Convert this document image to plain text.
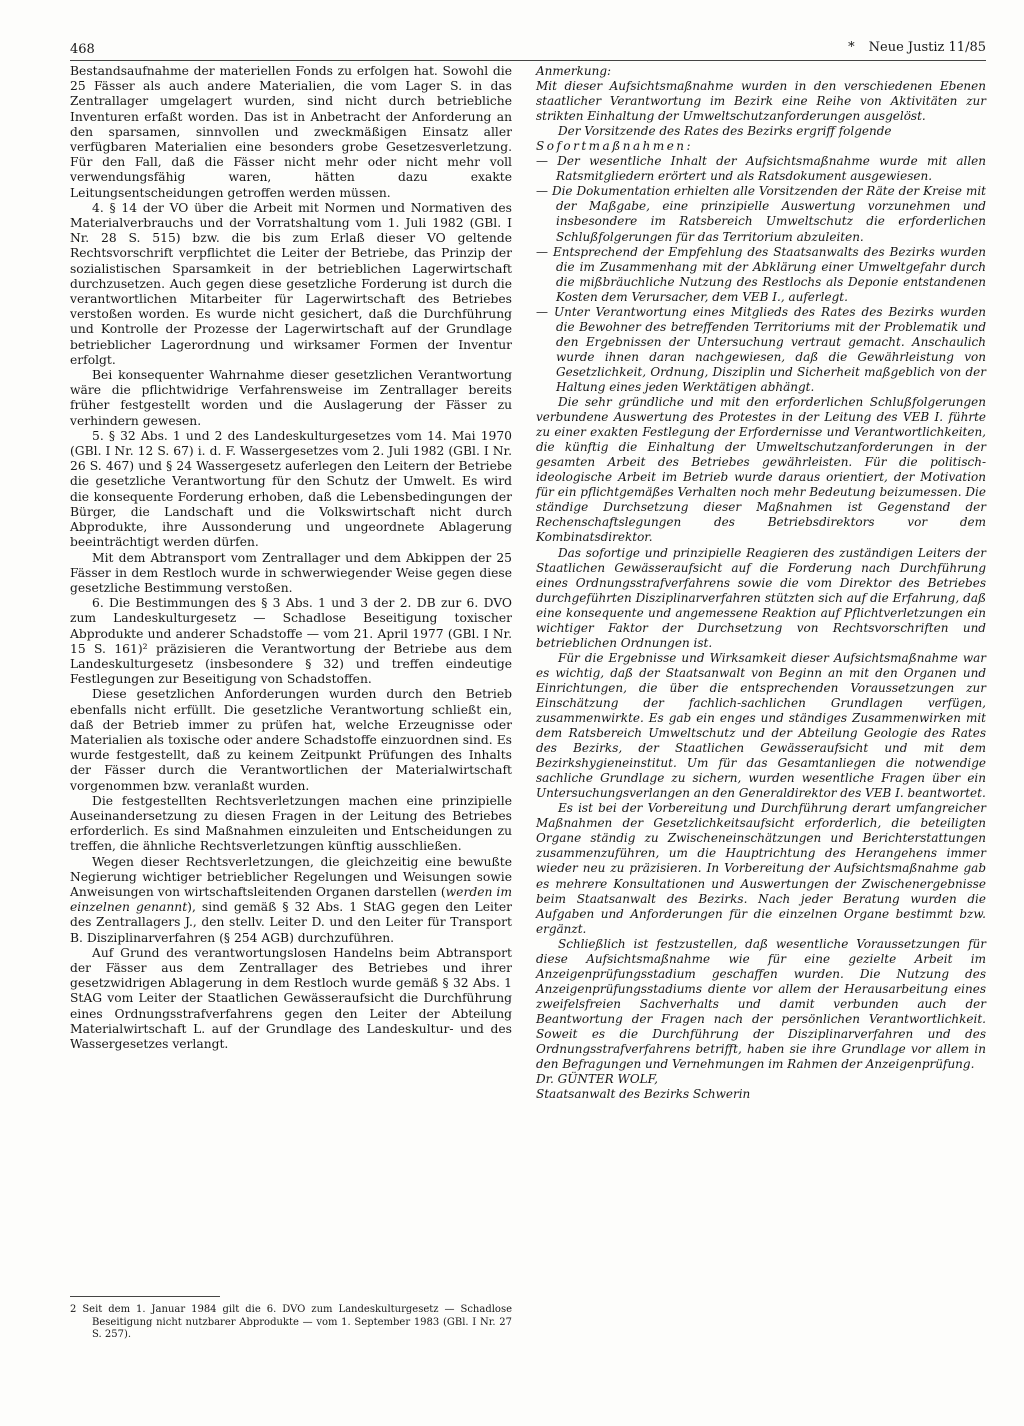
468	* Neue Justiz 11/85

Bestandsaufnahme der materiellen Fonds zu erfolgen hat. Sowohl die 25 Fässer als auch andere Materialien, die vom Lager S. in das Zentrallager umgelagert wurden, sind nicht durch betriebliche Inventuren erfaßt worden. Das ist in Anbetracht der Anforderung an den sparsamen, sinnvollen und zweckmäßigen Einsatz aller verfügbaren Materialien eine besonders grobe Gesetzesverletzung. Für den Fall, daß die Fässer nicht mehr oder nicht mehr voll verwendungsfähig waren, hätten dazu exakte Leitungsentscheidungen getroffen werden müssen.

4. § 14 der VO über die Arbeit mit Normen und Normativen des Materialverbrauchs und der Vorratshaltung vom 1. Juli 1982 (GBl. I Nr. 28 S. 515) bzw. die bis zum Erlaß dieser VO geltende Rechtsvorschrift verpflichtet die Leiter der Betriebe, das Prinzip der sozialistischen Sparsamkeit in der betrieblichen Lagerwirtschaft durchzusetzen. Auch gegen diese gesetzliche Forderung ist durch die verantwortlichen Mitarbeiter für Lagerwirtschaft des Betriebes verstoßen worden. Es wurde nicht gesichert, daß die Durchführung und Kontrolle der Prozesse der Lagerwirtschaft auf der Grundlage betrieblicher Lagerordnung und wirksamer Formen der Inventur erfolgt.

Bei konsequenter Wahrnahme dieser gesetzlichen Verantwortung wäre die pflichtwidrige Verfahrensweise im Zentrallager bereits früher festgestellt worden und die Auslagerung der Fässer zu verhindern gewesen.

5. § 32 Abs. 1 und 2 des Landeskulturgesetzes vom 14. Mai 1970 (GBl. I Nr. 12 S. 67) i. d. F. Wassergesetzes vom 2. Juli 1982 (GBl. I Nr. 26 S. 467) und § 24 Wassergesetz auferlegen den Leitern der Betriebe die gesetzliche Verantwortung für den Schutz der Umwelt. Es wird die konsequente Forderung erhoben, daß die Lebensbedingungen der Bürger, die Landschaft und die Volkswirtschaft nicht durch Abprodukte, ihre Aussonderung und ungeordnete Ablagerung beeinträchtigt werden dürfen.

Mit dem Abtransport vom Zentrallager und dem Abkippen der 25 Fässer in dem Restloch wurde in schwerwiegender Weise gegen diese gesetzliche Bestimmung verstoßen.

6. Die Bestimmungen des § 3 Abs. 1 und 3 der 2. DB zur 6. DVO zum Landeskulturgesetz — Schadlose Beseitigung toxischer Abprodukte und anderer Schadstoffe — vom 21. April 1977 (GBl. I Nr. 15 S. 161)² präzisieren die Verantwortung der Betriebe aus dem Landeskulturgesetz (insbesondere § 32) und treffen eindeutige Festlegungen zur Beseitigung von Schadstoffen.

Diese gesetzlichen Anforderungen wurden durch den Betrieb ebenfalls nicht erfüllt. Die gesetzliche Verantwortung schließt ein, daß der Betrieb immer zu prüfen hat, welche Erzeugnisse oder Materialien als toxische oder andere Schadstoffe einzuordnen sind. Es wurde festgestellt, daß zu keinem Zeitpunkt Prüfungen des Inhalts der Fässer durch die Verantwortlichen der Materialwirtschaft vorgenommen bzw. veranlaßt wurden.

Die festgestellten Rechtsverletzungen machen eine prinzipielle Auseinandersetzung zu diesen Fragen in der Leitung des Betriebes erforderlich. Es sind Maßnahmen einzuleiten und Entscheidungen zu treffen, die ähnliche Rechtsverletzungen künftig ausschließen.

Wegen dieser Rechtsverletzungen, die gleichzeitig eine bewußte Negierung wichtiger betrieblicher Regelungen und Weisungen sowie Anweisungen von wirtschaftsleitenden Organen darstellen (werden im einzelnen genannt), sind gemäß § 32 Abs. 1 StAG gegen den Leiter des Zentrallagers J., den stellv. Leiter D. und den Leiter für Transport B. Disziplinarverfahren (§ 254 AGB) durchzuführen.

Auf Grund des verantwortungslosen Handelns beim Abtransport der Fässer aus dem Zentrallager des Betriebes und ihrer gesetzwidrigen Ablagerung in dem Restloch wurde gemäß § 32 Abs. 1 StAG vom Leiter der Staatlichen Gewässeraufsicht die Durchführung eines Ordnungsstrafverfahrens gegen den Leiter der Abteilung Materialwirtschaft L. auf der Grundlage des Landeskultur- und des Wassergesetzes verlangt.

Anmerkung:

Mit dieser Aufsichtsmaßnahme wurden in den verschiedenen Ebenen staatlicher Verantwortung im Bezirk eine Reihe von Aktivitäten zur strikten Einhaltung der Umweltschutzanforderungen ausgelöst.

Der Vorsitzende des Rates des Bezirks ergriff folgende
Sofortmaßnahmen:

— Der wesentliche Inhalt der Aufsichtsmaßnahme wurde mit allen Ratsmitgliedern erörtert und als Ratsdokument ausgewiesen.

— Die Dokumentation erhielten alle Vorsitzenden der Räte der Kreise mit der Maßgabe, eine prinzipielle Auswertung vorzunehmen und insbesondere im Ratsbereich Umweltschutz die erforderlichen Schlußfolgerungen für das Territorium abzuleiten.

— Entsprechend der Empfehlung des Staatsanwalts des Bezirks wurden die im Zusammenhang mit der Abklärung einer Umweltgefahr durch die mißbräuchliche Nutzung des Restlochs als Deponie entstandenen Kosten dem Verursacher, dem VEB I., auferlegt.

— Unter Verantwortung eines Mitglieds des Rates des Bezirks wurden die Bewohner des betreffenden Territoriums mit der Problematik und den Ergebnissen der Untersuchung vertraut gemacht. Anschaulich wurde ihnen daran nachgewiesen, daß die Gewährleistung von Gesetzlichkeit, Ordnung, Disziplin und Sicherheit maßgeblich von der Haltung eines jeden Werktätigen abhängt.

Die sehr gründliche und mit den erforderlichen Schlußfolgerungen verbundene Auswertung des Protestes in der Leitung des VEB I. führte zu einer exakten Festlegung der Erfordernisse und Verantwortlichkeiten, die künftig die Einhaltung der Umweltschutzanforderungen in der gesamten Arbeit des Betriebes gewährleisten. Für die politisch-ideologische Arbeit im Betrieb wurde daraus orientiert, der Motivation für ein pflichtgemäßes Verhalten noch mehr Bedeutung beizumessen. Die ständige Durchsetzung dieser Maßnahmen ist Gegenstand der Rechenschaftslegungen des Betriebsdirektors vor dem Kombinatsdirektor.

Das sofortige und prinzipielle Reagieren des zuständigen Leiters der Staatlichen Gewässeraufsicht auf die Forderung nach Durchführung eines Ordnungsstrafverfahrens sowie die vom Direktor des Betriebes durchgeführten Disziplinarverfahren stützten sich auf die Erfahrung, daß eine konsequente und angemessene Reaktion auf Pflichtverletzungen ein wichtiger Faktor der Durchsetzung von Rechtsvorschriften und betrieblichen Ordnungen ist.

Für die Ergebnisse und Wirksamkeit dieser Aufsichtsmaßnahme war es wichtig, daß der Staatsanwalt von Beginn an mit den Organen und Einrichtungen, die über die entsprechenden Voraussetzungen zur Einschätzung der fachlich-sachlichen Grundlagen verfügen, zusammenwirkte. Es gab ein enges und ständiges Zusammenwirken mit dem Ratsbereich Umweltschutz und der Abteilung Geologie des Rates des Bezirks, der Staatlichen Gewässeraufsicht und mit dem Bezirkshygieneinstitut. Um für das Gesamtanliegen die notwendige sachliche Grundlage zu sichern, wurden wesentliche Fragen über ein Untersuchungsverlangen an den Generaldirektor des VEB I. beantwortet.

Es ist bei der Vorbereitung und Durchführung derart umfangreicher Maßnahmen der Gesetzlichkeitsaufsicht erforderlich, die beteiligten Organe ständig zu Zwischeneinschätzungen und Berichterstattungen zusammenzuführen, um die Hauptrichtung des Herangehens immer wieder neu zu präzisieren. In Vorbereitung der Aufsichtsmaßnahme gab es mehrere Konsultationen und Auswertungen der Zwischenergebnisse beim Staatsanwalt des Bezirks. Nach jeder Beratung wurden die Aufgaben und Anforderungen für die einzelnen Organe bestimmt bzw. ergänzt.

Schließlich ist festzustellen, daß wesentliche Voraussetzungen für diese Aufsichtsmaßnahme wie für eine gezielte Arbeit im Anzeigenprüfungsstadium geschaffen wurden. Die Nutzung des Anzeigenprüfungsstadiums diente vor allem der Herausarbeitung eines zweifelsfreien Sachverhalts und damit verbunden auch der Beantwortung der Fragen nach der persönlichen Verantwortlichkeit. Soweit es die Durchführung der Disziplinarverfahren und des Ordnungsstrafverfahrens betrifft, haben sie ihre Grundlage vor allem in den Befragungen und Vernehmungen im Rahmen der Anzeigenprüfung.

Dr. GÜNTER WOLF,

Staatsanwalt des Bezirks Schwerin

2 Seit dem 1. Januar 1984 gilt die 6. DVO zum Landeskulturgesetz — Schadlose Beseitigung nicht nutzbarer Abprodukte — vom 1. September 1983 (GBl. I Nr. 27 S. 257).
